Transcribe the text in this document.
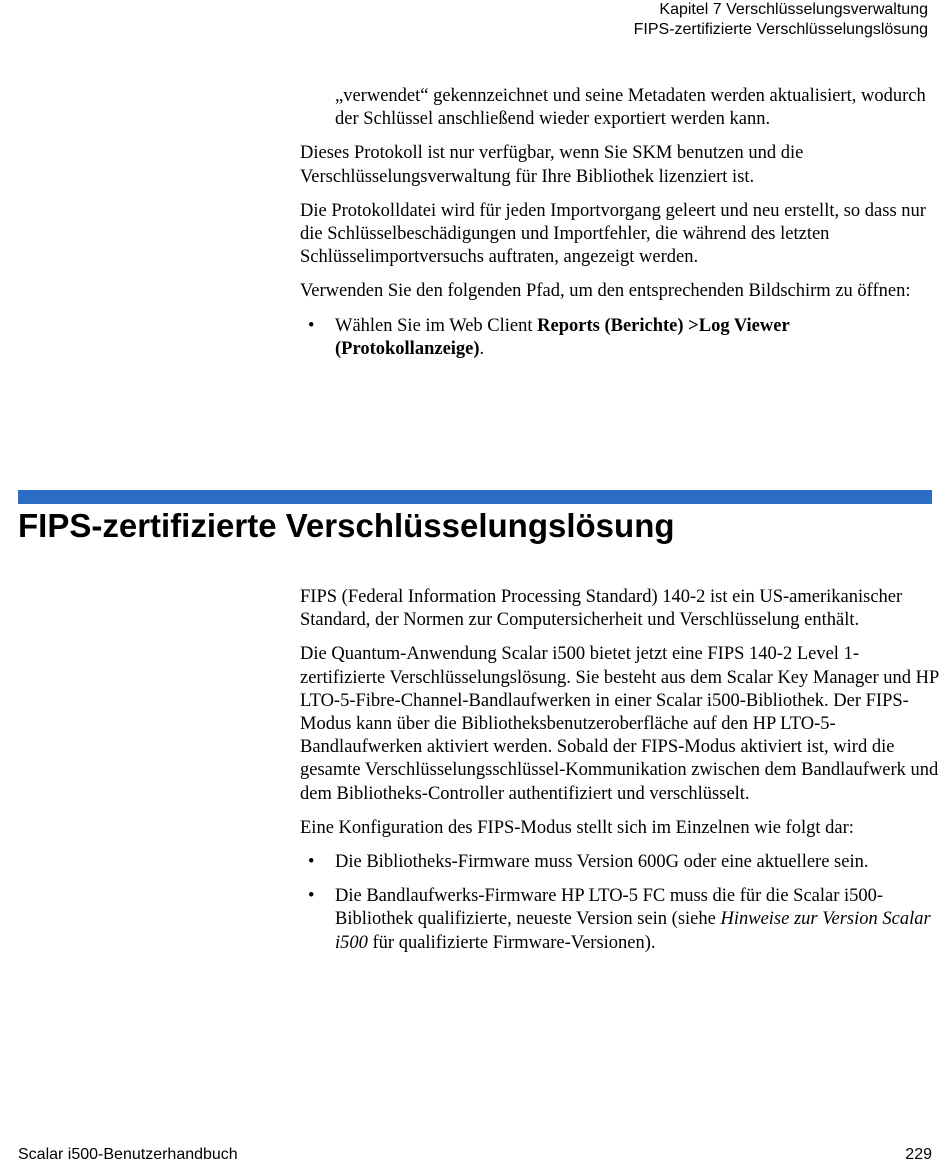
Kapitel 7 Verschlüsselungsverwaltung
FIPS-zertifizierte Verschlüsselungslösung

„verwendet“ gekennzeichnet und seine Metadaten werden aktualisiert, wodurch der Schlüssel anschließend wieder exportiert werden kann.

Dieses Protokoll ist nur verfügbar, wenn Sie SKM benutzen und die Verschlüsselungsverwaltung für Ihre Bibliothek lizenziert ist.

Die Protokolldatei wird für jeden Importvorgang geleert und neu erstellt, so dass nur die Schlüsselbeschädigungen und Importfehler, die während des letzten Schlüsselimportversuchs auftraten, angezeigt werden.

Verwenden Sie den folgenden Pfad, um den entsprechenden Bildschirm zu öffnen:

• Wählen Sie im Web Client Reports (Berichte) >Log Viewer (Protokollanzeige).
FIPS-zertifizierte Verschlüsselungslösung

FIPS (Federal Information Processing Standard) 140-2 ist ein US-amerikanischer Standard, der Normen zur Computersicherheit und Verschlüsselung enthält.

Die Quantum-Anwendung Scalar i500 bietet jetzt eine FIPS 140-2 Level 1-zertifizierte Verschlüsselungslösung. Sie besteht aus dem Scalar Key Manager und HP LTO-5-Fibre-Channel-Bandlaufwerken in einer Scalar i500-Bibliothek. Der FIPS-Modus kann über die Bibliotheksbenutzeroberfläche auf den HP LTO-5-Bandlaufwerken aktiviert werden. Sobald der FIPS-Modus aktiviert ist, wird die gesamte Verschlüsselungsschlüssel-Kommunikation zwischen dem Bandlaufwerk und dem Bibliotheks-Controller authentifiziert und verschlüsselt.

Eine Konfiguration des FIPS-Modus stellt sich im Einzelnen wie folgt dar:

• Die Bibliotheks-Firmware muss Version 600G oder eine aktuellere sein.
• Die Bandlaufwerks-Firmware HP LTO-5 FC muss die für die Scalar i500-Bibliothek qualifizierte, neueste Version sein (siehe Hinweise zur Version Scalar i500 für qualifizierte Firmware-Versionen).
Scalar i500-Benutzerhandbuch	229
